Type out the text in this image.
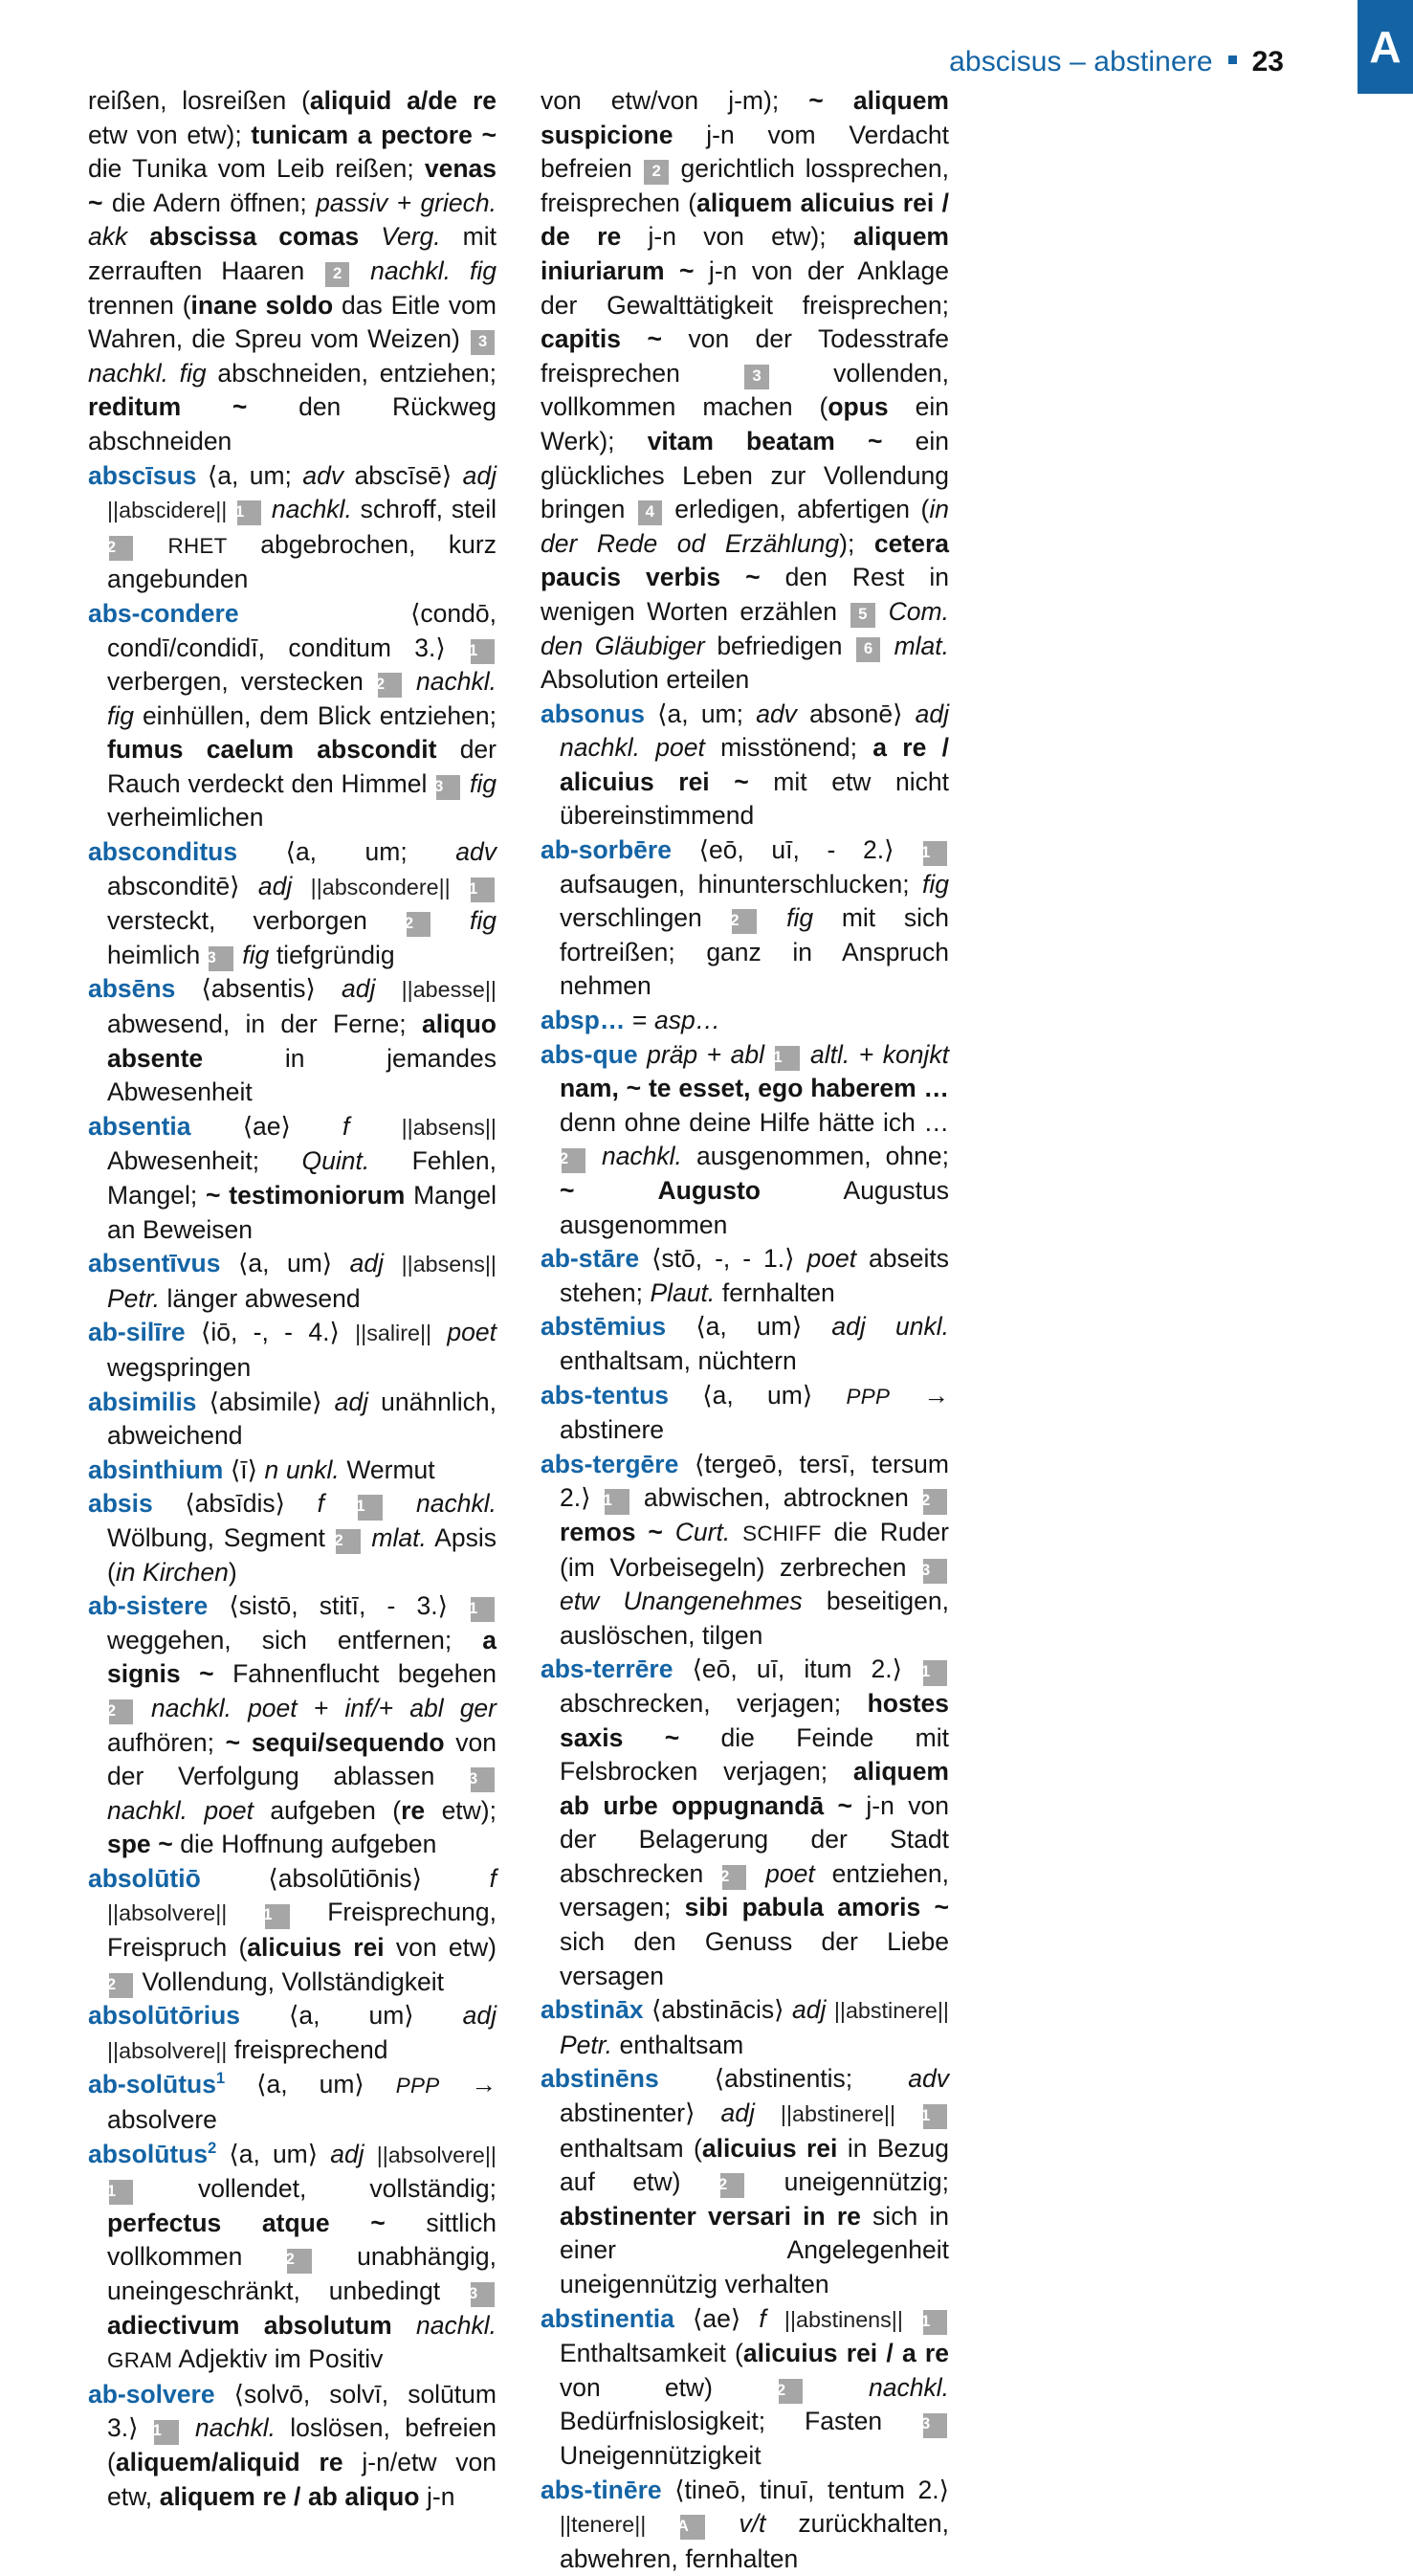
abscisus – abstinere 23 A

reißen, losreißen (aliquid a/de re etw von etw); tunicam a pectore ~ die Tunika vom Leib reißen; venas ~ die Adern öffnen; passiv + griech. akk abscissa comas Verg. mit zerrauften Haaren 2 nachkl. fig trennen (inane soldo das Eitle vom Wahren, die Spreu vom Weizen) 3 nachkl. fig abschneiden, entziehen; reditum ~ den Rückweg abschneiden

abscīsus ⟨a, um; adv abscīsē⟩ adj ||abscidere|| 1 nachkl. schroff, steil 2 RHET abgebrochen, kurz angebunden

abs-condere ⟨condō, condī/condidī, conditum 3.⟩ 1 verbergen, verstecken 2 nachkl. fig einhüllen, dem Blick entziehen; fumus caelum abscondit der Rauch verdeckt den Himmel 3 fig verheimlichen

absconditus ⟨a, um; adv absconditē⟩ adj ||abscondere|| 1 versteckt, verborgen 2 fig heimlich 3 fig tiefgründig

absēns ⟨absentis⟩ adj ||abesse|| abwesend, in der Ferne; aliquo absente in jemandes Abwesenheit

absentia ⟨ae⟩ f ||absens|| Abwesenheit; Quint. Fehlen, Mangel; ~ testimoniorum Mangel an Beweisen

absentīvus ⟨a, um⟩ adj ||absens|| Petr. länger abwesend

ab-silīre ⟨iō, -, - 4.⟩ ||salire|| poet wegspringen

absimilis ⟨absimile⟩ adj unähnlich, abweichend

absinthium ⟨ī⟩ n unkl. Wermut

absis ⟨absīdis⟩ f 1 nachkl. Wölbung, Segment 2 mlat. Apsis (in Kirchen)

ab-sistere ⟨sistō, stitī, - 3.⟩ 1 weggehen, sich entfernen; a signis ~ Fahnenflucht begehen 2 nachkl. poet + inf/+ abl ger aufhören; ~ sequi/sequendo von der Verfolgung ablassen 3 nachkl. poet aufgeben (re etw); spe ~ die Hoffnung aufgeben

absolūtiō ⟨absolūtiōnis⟩ f ||absolvere|| 1 Freisprechung, Freispruch (alicuius rei von etw) 2 Vollendung, Vollständigkeit

absolūtōrius ⟨a, um⟩ adj ||absolvere|| freisprechend

ab-solūtus$^1$ ⟨a, um⟩ PPP → absolvere

absolūtus$^2$ ⟨a, um⟩ adj ||absolvere|| 1 vollendet, vollständig; perfectus atque ~ sittlich vollkommen 2 unabhängig, uneingeschränkt, unbedingt 3 adiectivum absolutum nachkl. GRAM Adjektiv im Positiv

ab-solvere ⟨solvō, solvī, solūtum 3.⟩ 1 nachkl. loslösen, befreien (aliquem/aliquid re j-n/etw von etw, aliquem re / ab aliquo j-n

von etw/von j-m); ~ aliquem suspicione j-n vom Verdacht befreien 2 gerichtlich lossprechen, freisprechen (aliquem alicuius rei / de re j-n von etw); aliquem iniuriarum ~ j-n von der Anklage der Gewalttätigkeit freisprechen; capitis ~ von der Todesstrafe freisprechen 3 vollenden, vollkommen machen (opus ein Werk); vitam beatam ~ ein glückliches Leben zur Vollendung bringen 4 erledigen, abfertigen (in der Rede od Erzählung); cetera paucis verbis ~ den Rest in wenigen Worten erzählen 5 Com. den Gläubiger befriedigen 6 mlat. Absolution erteilen

absonus ⟨a, um; adv absonē⟩ adj nachkl. poet misstönend; a re / alicuius rei ~ mit etw nicht übereinstimmend

ab-sorbēre ⟨eō, uī, - 2.⟩ 1 aufsaugen, hinunterschlucken; fig verschlingen 2 fig mit sich fortreißen; ganz in Anspruch nehmen

absp… = asp…

abs-que präp + abl 1 altl. + konjkt nam, ~ te esset, ego haberem … denn ohne deine Hilfe hätte ich … 2 nachkl. ausgenommen, ohne; ~ Augusto Augustus ausgenommen

ab-stāre ⟨stō, -, - 1.⟩ poet abseits stehen; Plaut. fernhalten

abstēmius ⟨a, um⟩ adj unkl. enthaltsam, nüchtern

abs-tentus ⟨a, um⟩ PPP → abstinere

abs-tergēre ⟨tergeō, tersī, tersum 2.⟩ 1 abwischen, abtrocknen 2 remos ~ Curt. SCHIFF die Ruder (im Vorbeisegeln) zerbrechen 3 etw Unangenehmes beseitigen, auslöschen, tilgen

abs-terrēre ⟨eō, uī, itum 2.⟩ 1 abschrecken, verjagen; hostes saxis ~ die Feinde mit Felsbrocken verjagen; aliquem ab urbe oppugnandā ~ j-n von der Belagerung der Stadt abschrecken 2 poet entziehen, versagen; sibi pabula amoris ~ sich den Genuss der Liebe versagen

abstināx ⟨abstinācis⟩ adj ||abstinere|| Petr. enthaltsam

abstinēns ⟨abstinentis; adv abstinenter⟩ adj ||abstinere|| 1 enthaltsam (alicuius rei in Bezug auf etw) 2 uneigennützig; abstinenter versari in re sich in einer Angelegenheit uneigennützig verhalten

abstinentia ⟨ae⟩ f ||abstinens|| 1 Enthaltsamkeit (alicuius rei / a re von etw) 2	nachkl. Bedürfnislosigkeit; Fasten 3 Uneigennützigkeit

abs-tinēre ⟨tineō, tinuī, tentum 2.⟩ ||tenere|| A v/t zurückhalten, abwehren, fernhalten
